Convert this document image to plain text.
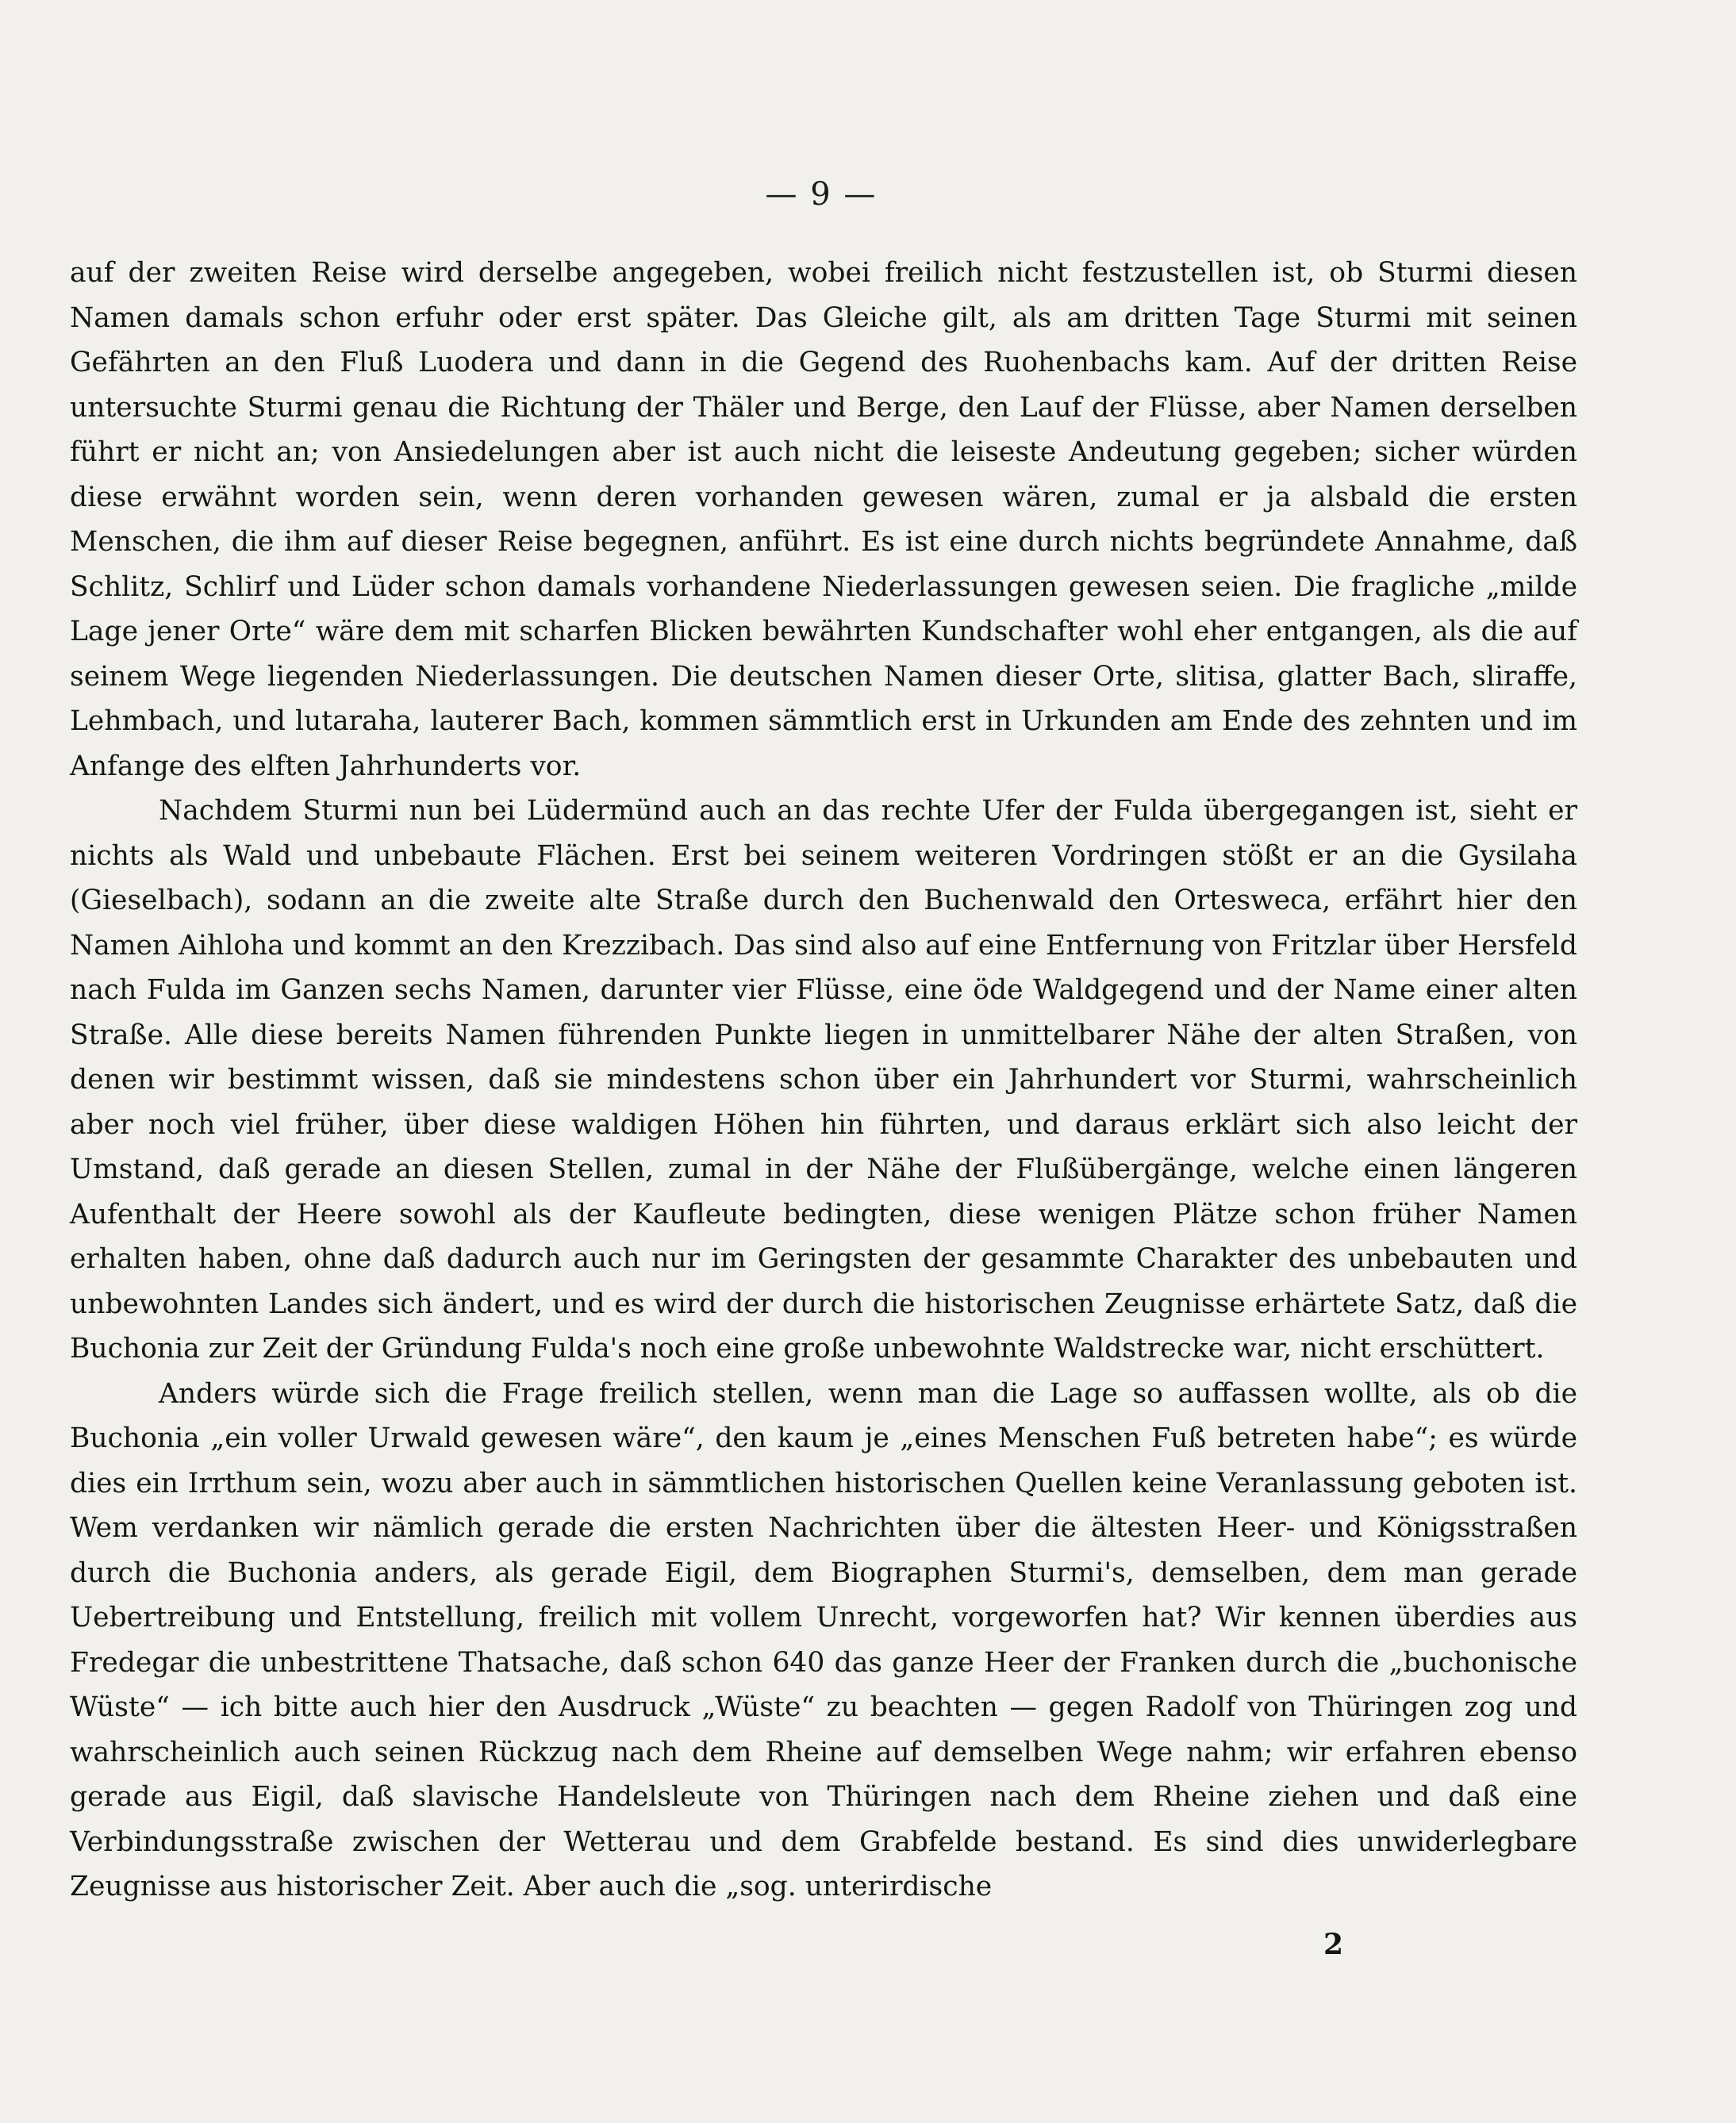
— 9 —

auf der zweiten Reise wird derselbe angegeben, wobei freilich nicht festzustellen ist, ob Sturmi diesen Namen damals schon erfuhr oder erst später. Das Gleiche gilt, als am dritten Tage Sturmi mit seinen Gefährten an den Fluß Luodera und dann in die Gegend des Ruohenbachs kam. Auf der dritten Reise untersuchte Sturmi genau die Richtung der Thäler und Berge, den Lauf der Flüsse, aber Namen derselben führt er nicht an; von Ansiedelungen aber ist auch nicht die leiseste Andeutung gegeben; sicher würden diese erwähnt worden sein, wenn deren vorhanden gewesen wären, zumal er ja alsbald die ersten Menschen, die ihm auf dieser Reise begegnen, anführt. Es ist eine durch nichts begründete Annahme, daß Schlitz, Schlirf und Lüder schon damals vorhandene Niederlassungen gewesen seien. Die fragliche „milde Lage jener Orte“ wäre dem mit scharfen Blicken bewährten Kundschafter wohl eher entgangen, als die auf seinem Wege liegenden Niederlassungen. Die deutschen Namen dieser Orte, slitisa, glatter Bach, sliraffe, Lehmbach, und lutaraha, lauterer Bach, kommen sämmtlich erst in Urkunden am Ende des zehnten und im Anfange des elften Jahrhunderts vor.

Nachdem Sturmi nun bei Lüdermünd auch an das rechte Ufer der Fulda übergegangen ist, sieht er nichts als Wald und unbebaute Flächen. Erst bei seinem weiteren Vordringen stößt er an die Gysilaha (Gieselbach), sodann an die zweite alte Straße durch den Buchenwald den Ortesweca, erfährt hier den Namen Aihloha und kommt an den Krezzibach. Das sind also auf eine Entfernung von Fritzlar über Hersfeld nach Fulda im Ganzen sechs Namen, darunter vier Flüsse, eine öde Waldgegend und der Name einer alten Straße. Alle diese bereits Namen führenden Punkte liegen in unmittelbarer Nähe der alten Straßen, von denen wir bestimmt wissen, daß sie mindestens schon über ein Jahrhundert vor Sturmi, wahrscheinlich aber noch viel früher, über diese waldigen Höhen hin führten, und daraus erklärt sich also leicht der Umstand, daß gerade an diesen Stellen, zumal in der Nähe der Flußübergänge, welche einen längeren Aufenthalt der Heere sowohl als der Kaufleute bedingten, diese wenigen Plätze schon früher Namen erhalten haben, ohne daß dadurch auch nur im Geringsten der gesammte Charakter des unbebauten und unbewohnten Landes sich ändert, und es wird der durch die historischen Zeugnisse erhärtete Satz, daß die Buchonia zur Zeit der Gründung Fulda's noch eine große unbewohnte Waldstrecke war, nicht erschüttert.

Anders würde sich die Frage freilich stellen, wenn man die Lage so auffassen wollte, als ob die Buchonia „ein voller Urwald gewesen wäre“, den kaum je „eines Menschen Fuß betreten habe“; es würde dies ein Irrthum sein, wozu aber auch in sämmtlichen historischen Quellen keine Veranlassung geboten ist. Wem verdanken wir nämlich gerade die ersten Nachrichten über die ältesten Heer- und Königsstraßen durch die Buchonia anders, als gerade Eigil, dem Biographen Sturmi's, demselben, dem man gerade Uebertreibung und Entstellung, freilich mit vollem Unrecht, vorgeworfen hat? Wir kennen überdies aus Fredegar die unbestrittene Thatsache, daß schon 640 das ganze Heer der Franken durch die „buchonische Wüste“ — ich bitte auch hier den Ausdruck „Wüste“ zu beachten — gegen Radolf von Thüringen zog und wahrscheinlich auch seinen Rückzug nach dem Rheine auf demselben Wege nahm; wir erfahren ebenso gerade aus Eigil, daß slavische Handelsleute von Thüringen nach dem Rheine ziehen und daß eine Verbindungsstraße zwischen der Wetterau und dem Grabfelde bestand. Es sind dies unwiderlegbare Zeugnisse aus historischer Zeit. Aber auch die „sog. unterirdische

2
